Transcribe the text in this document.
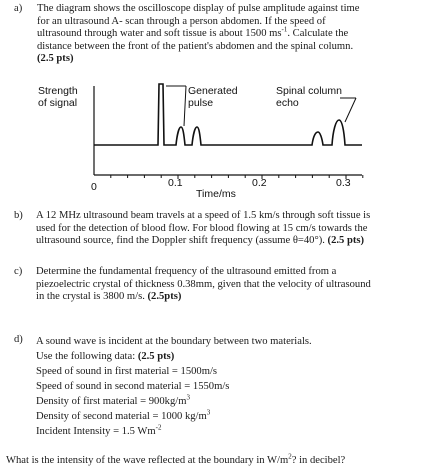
a) The diagram shows the oscilloscope display of pulse amplitude against time
for an ultrasound A- scan through a person abdomen. If the speed of
ultrasound through water and soft tissue is about 1500 $ms^{-1}$. Calculate the
distance between the front of the patient's abdomen and the spinal column.
(2.5 pts)
Strength
of signal
Generated
pulse
Spinal column
echo
0	0.1	0.2	0.3
Time/ms
b) A 12 MHz ultrasound beam travels at a speed of 1.5 km/s through soft tissue is
used for the detection of blood flow. For blood flowing at 15 cm/s towards the
ultrasound source, find the Doppler shift frequency (assume θ=40°). (2.5 pts)
c) Determine the fundamental frequency of the ultrasound emitted from a
piezoelectric crystal of thickness 0.38mm, given that the velocity of ultrasound
in the crystal is 3800 m/s. (2.5pts)
d) A sound wave is incident at the boundary between two materials.
Use the following data: (2.5 pts)
Speed of sound in first material = 1500m/s
Speed of sound in second material = 1550m/s
Density of first material = $900kg/m^3$
Density of second material = 1000 $kg/m^3$
Incident Intensity = 1.5 $Wm^{-2}$
What is the intensity of the wave reflected at the boundary in $W/m^2$? in decibel?
